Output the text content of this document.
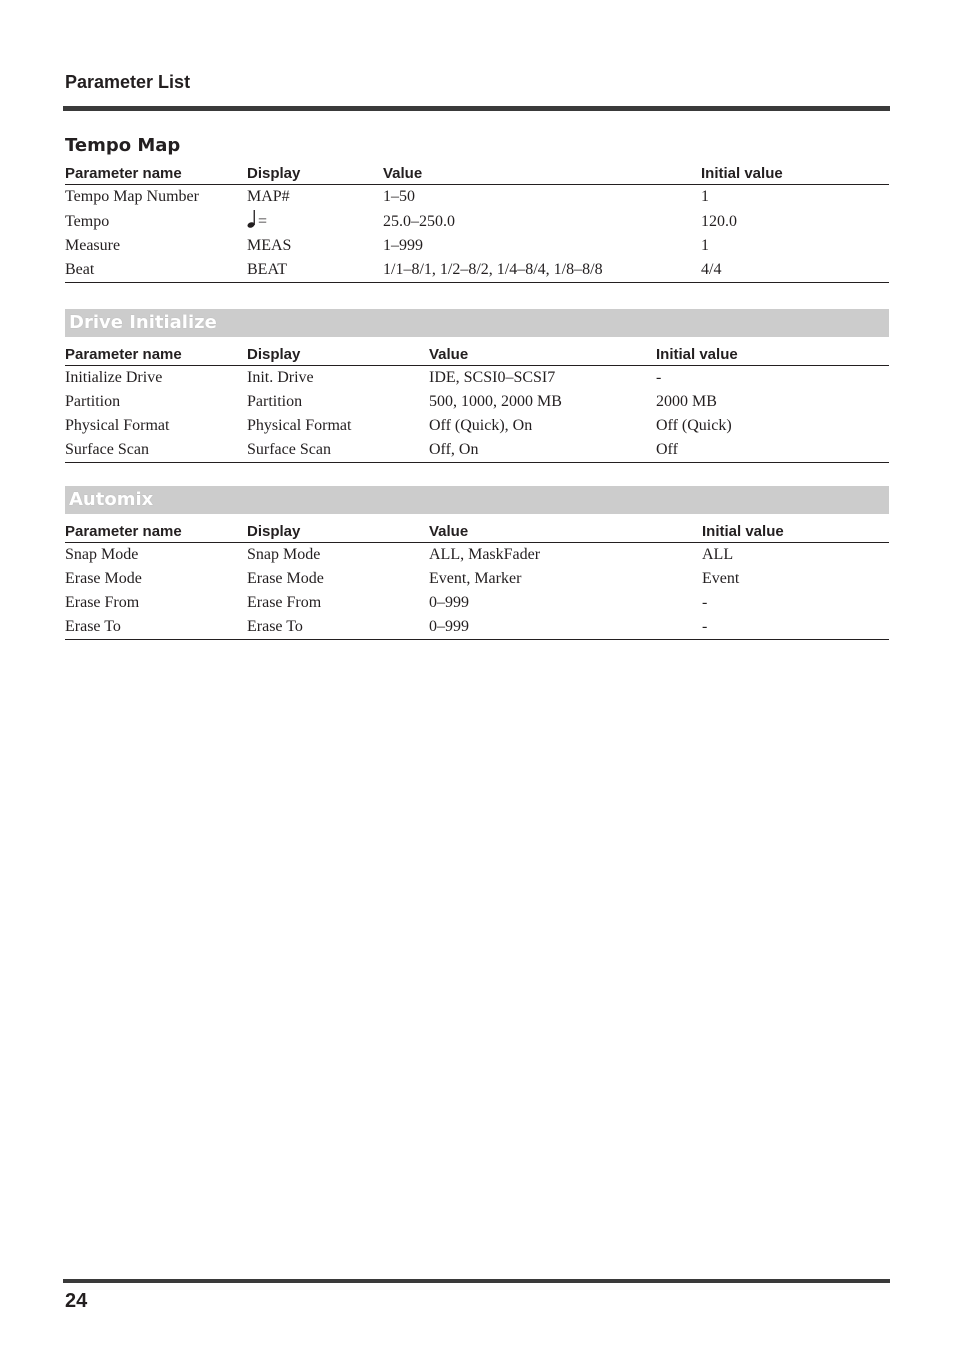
Parameter List
Tempo Map
Parameter name	Display	Value	Initial value
Tempo Map Number	MAP#	1–50	1
Tempo	=	25.0–250.0	120.0
Measure	MEAS	1–999	1
Beat	BEAT	1/1–8/1, 1/2–8/2, 1/4–8/4, 1/8–8/8	4/4
Drive Initialize
Parameter name	Display	Value	Initial value
Initialize Drive	Init. Drive	IDE, SCSI0–SCSI7	-
Partition	Partition	500, 1000, 2000 MB	2000 MB
Physical Format	Physical Format	Off (Quick), On	Off (Quick)
Surface Scan	Surface Scan	Off, On	Off
Automix
Parameter name	Display	Value	Initial value
Snap Mode	Snap Mode	ALL, MaskFader	ALL
Erase Mode	Erase Mode	Event, Marker	Event
Erase From	Erase From	0–999	-
Erase To	Erase To	0–999	-
24
